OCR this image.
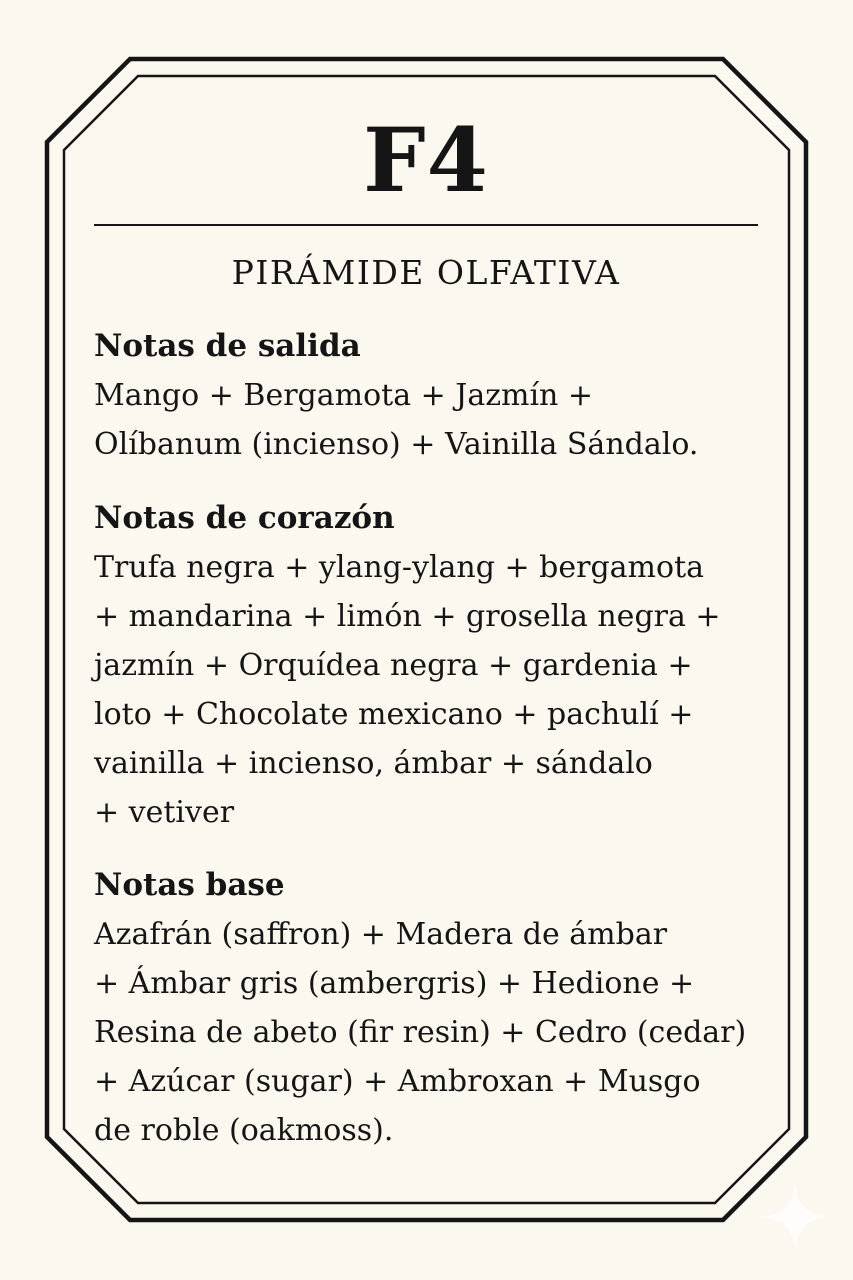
F4
PIRÁMIDE OLFATIVA
Notas de salida
Mango + Bergamota + Jazmín +
Olíbanum (incienso) + Vainilla Sándalo.
Notas de corazón
Trufa negra + ylang-ylang + bergamota
+ mandarina + limón + grosella negra +
jazmín + Orquídea negra + gardenia +
loto + Chocolate mexicano + pachulí +
vainilla + incienso, ámbar + sándalo
+ vetiver
Notas base
Azafrán (saffron) + Madera de ámbar
+ Ámbar gris (ambergris) + Hedione +
Resina de abeto (fir resin) + Cedro (cedar)
+ Azúcar (sugar) + Ambroxan + Musgo
de roble (oakmoss).
